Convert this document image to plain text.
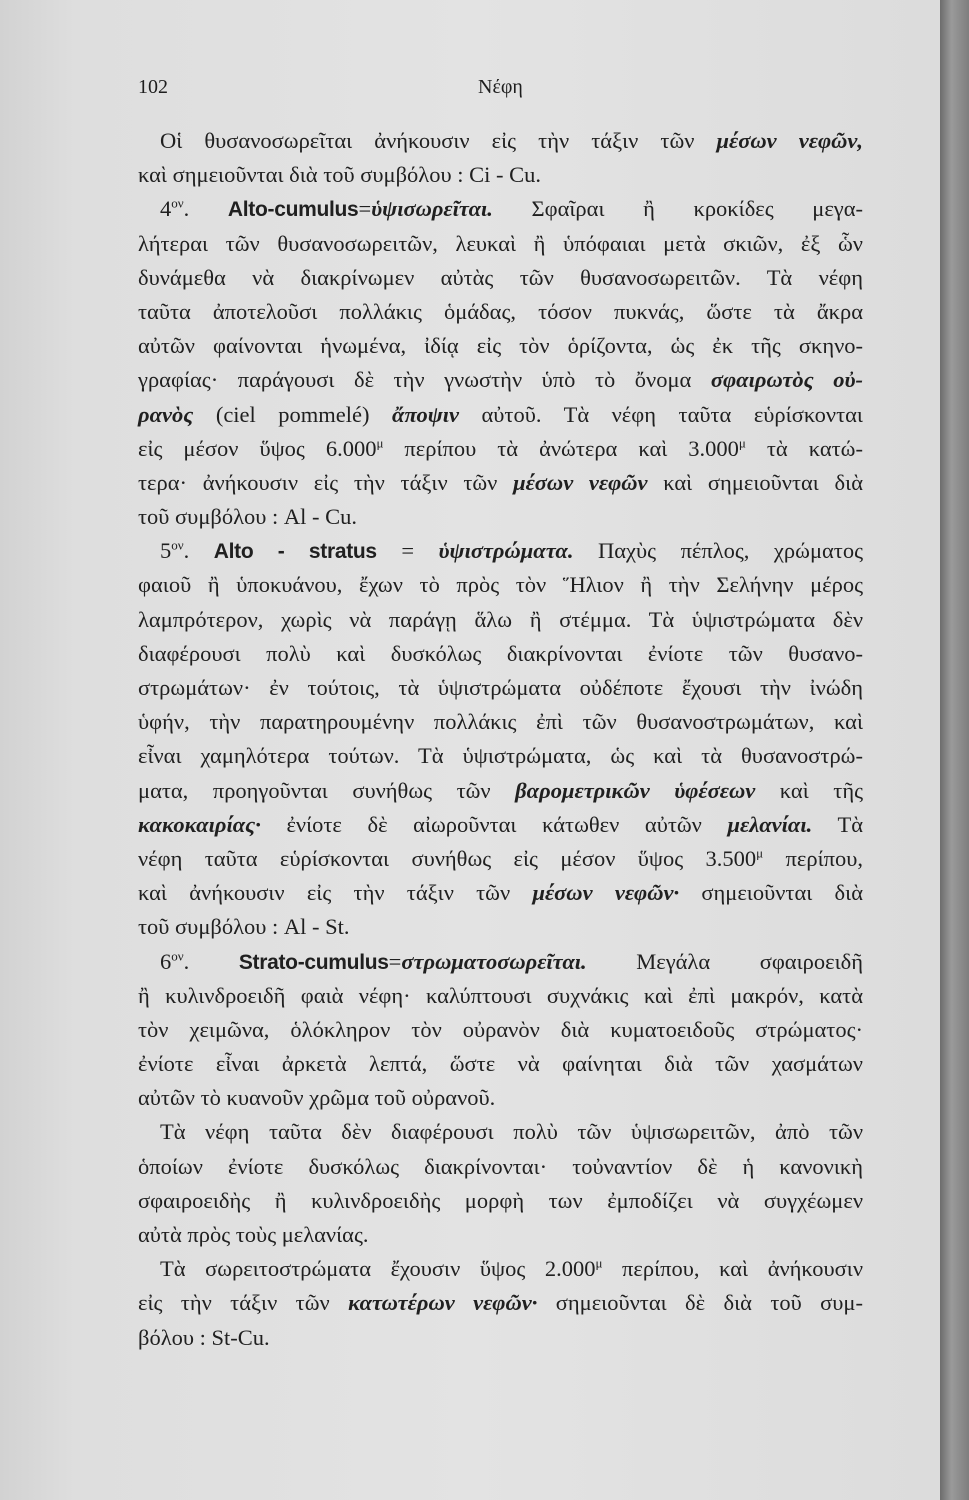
102	Νέφη
Οἱ θυσανοσωρεῖται ἀνήκουσιν εἰς τὴν τάξιν τῶν μέσων νεφῶν,
καὶ σημειοῦνται διὰ τοῦ συμβόλου : Ci - Cu.
$4^{o\nu}$. Alto-cumulus=ὑψισωρεῖται. Σφαῖραι ἢ κροκίδες μεγα-
λήτεραι τῶν θυσανοσωρειτῶν, λευκαὶ ἢ ὑπόφαιαι μετὰ σκιῶν, ἐξ ὧν
δυνάμεθα νὰ διακρίνωμεν αὐτὰς τῶν θυσανοσωρειτῶν. Τὰ νέφη
ταῦτα ἀποτελοῦσι πολλάκις ὁμάδας, τόσον πυκνάς, ὥστε τὰ ἄκρα
αὐτῶν φαίνονται ἡνωμένα, ἰδίᾳ εἰς τὸν ὁρίζοντα, ὡς ἐκ τῆς σκηνο-
γραφίας· παράγουσι δὲ τὴν γνωστὴν ὑπὸ τὸ ὄνομα σφαιρωτὸς οὐ-
ρανὸς (ciel pommelé) ἄποψιν αὐτοῦ. Τὰ νέφη ταῦτα εὑρίσκονται
εἰς μέσον ὕψος $6.000^\mu$ περίπου τὰ ἀνώτερα καὶ $3.000^\mu$ τὰ κατώ-
τερα· ἀνήκουσιν εἰς τὴν τάξιν τῶν μέσων νεφῶν καὶ σημειοῦνται διὰ
τοῦ συμβόλου : Al - Cu.
$5^{o\nu}$. Alto - stratus = ὑψιστρώματα. Παχὺς πέπλος, χρώματος
φαιοῦ ἢ ὑποκυάνου, ἔχων τὸ πρὸς τὸν Ἥλιον ἢ τὴν Σελήνην μέρος
λαμπρότερον, χωρὶς νὰ παράγῃ ἅλω ἢ στέμμα. Τὰ ὑψιστρώματα δὲν
διαφέρουσι πολὺ καὶ δυσκόλως διακρίνονται ἐνίοτε τῶν θυσανο-
στρωμάτων· ἐν τούτοις, τὰ ὑψιστρώματα οὐδέποτε ἔχουσι τὴν ἰνώδη
ὑφήν, τὴν παρατηρουμένην πολλάκις ἐπὶ τῶν θυσανοστρωμάτων, καὶ
εἶναι χαμηλότερα τούτων. Τὰ ὑψιστρώματα, ὡς καὶ τὰ θυσανοστρώ-
ματα, προηγοῦνται συνήθως τῶν βαρομετρικῶν ὑφέσεων καὶ τῆς
κακοκαιρίας· ἐνίοτε δὲ αἰωροῦνται κάτωθεν αὐτῶν μελανίαι. Τὰ
νέφη ταῦτα εὑρίσκονται συνήθως εἰς μέσον ὕψος $3.500^\mu$ περίπου,
καὶ ἀνήκουσιν εἰς τὴν τάξιν τῶν μέσων νεφῶν· σημειοῦνται διὰ
τοῦ συμβόλου : Al - St.
$6^{o\nu}$. Strato-cumulus=στρωματοσωρεῖται. Μεγάλα σφαιροειδῆ
ἢ κυλινδροειδῆ φαιὰ νέφη· καλύπτουσι συχνάκις καὶ ἐπὶ μακρόν, κατὰ
τὸν χειμῶνα, ὁλόκληρον τὸν οὐρανὸν διὰ κυματοειδοῦς στρώματος·
ἐνίοτε εἶναι ἀρκετὰ λεπτά, ὥστε νὰ φαίνηται διὰ τῶν χασμάτων
αὐτῶν τὸ κυανοῦν χρῶμα τοῦ οὐρανοῦ.
Τὰ νέφη ταῦτα δὲν διαφέρουσι πολὺ τῶν ὑψισωρειτῶν, ἀπὸ τῶν
ὁποίων ἐνίοτε δυσκόλως διακρίνονται· τοὐναντίον δὲ ἡ κανονικὴ
σφαιροειδὴς ἢ κυλινδροειδὴς μορφὴ των ἐμποδίζει νὰ συγχέωμεν
αὐτὰ πρὸς τοὺς μελανίας.
Τὰ σωρειτοστρώματα ἔχουσιν ὕψος $2.000^\mu$ περίπου, καὶ ἀνήκουσιν
εἰς τὴν τάξιν τῶν κατωτέρων νεφῶν· σημειοῦνται δὲ διὰ τοῦ συμ-
βόλου : St-Cu.
